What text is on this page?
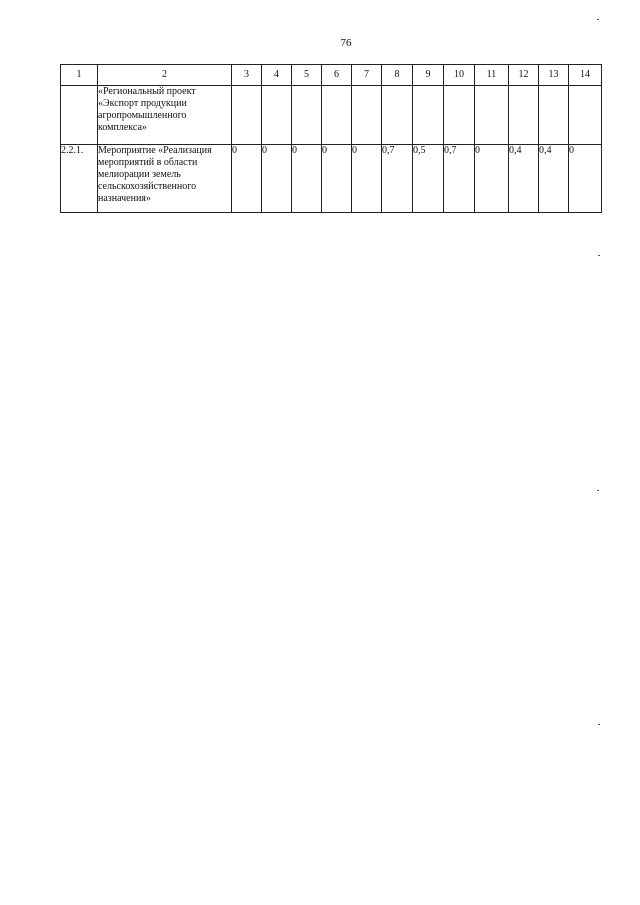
76
1	2	3	4	5	6	7	8	9	10	11	12	13	14
	«Региональный проект «Экспорт продукции агропромышленного комплекса»												
2.2.1.	Мероприятие «Реализация мероприятий в области мелиорации земель сельскохозяйственного назначения»	0	0	0	0	0	0,7	0,5	0,7	0	0,4	0,4	0
